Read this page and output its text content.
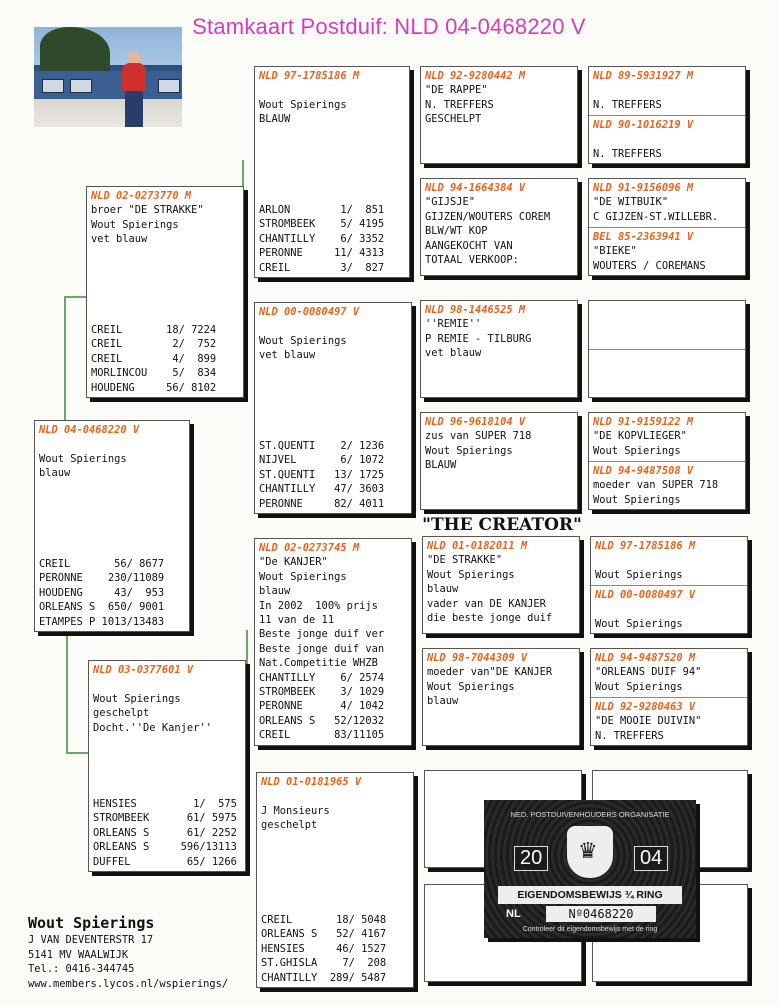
Stamkaart Postduif: NLD 04-0468220 V
NLD 04-0468220 V

Wout Spierings
blauw
CREIL       56/ 8677
PERONNE    230/11089
HOUDENG     43/  953
ORLEANS S  650/ 9001
ETAMPES P 1013/13483
NLD 02-0273770 M
broer "DE STRAKKE"
Wout Spierings
vet blauw
CREIL       18/ 7224
CREIL        2/  752
CREIL        4/  899
MORLINCOU    5/  834
HOUDENG     56/ 8102
NLD 03-0377601 V

Wout Spierings
geschelpt
Docht.''De Kanjer''
HENSIES         1/  575
STROMBEEK      61/ 5975
ORLEANS S      61/ 2252
ORLEANS S     596/13113
DUFFEL         65/ 1266
NLD 97-1785186 M

Wout Spierings
BLAUW
ARLON        1/  851
STROMBEEK    5/ 4195
CHANTILLY    6/ 3352
PERONNE     11/ 4313
CREIL        3/  827
NLD 00-0080497 V

Wout Spierings
vet blauw
ST.QUENTI    2/ 1236
NIJVEL       6/ 1072
ST.QUENTI   13/ 1725
CHANTILLY   47/ 3603
PERONNE     82/ 4011
NLD 02-0273745 M
"De KANJER"
Wout Spierings
blauw
In 2002  100% prijs
11 van de 11
Beste jonge duif ver
Beste jonge duif van
Nat.Competitie WHZB
CHANTILLY    6/ 2574
STROMBEEK    3/ 1029
PERONNE      4/ 1042
ORLEANS S   52/12032
CREIL       83/11105
NLD 01-0181965 V

J Monsieurs
geschelpt
CREIL       18/ 5048
ORLEANS S   52/ 4167
HENSIES     46/ 1527
ST.GHISLA    7/  208
CHANTILLY  289/ 5487
NLD 92-9280442 M
"DE RAPPE"
N. TREFFERS
GESCHELPT
NLD 94-1664384 V
"GIJSJE"
GIJZEN/WOUTERS COREM
BLW/WT KOP
AANGEKOCHT VAN
TOTAAL VERKOOP:
NLD 98-1446525 M
''REMIE''
P REMIE - TILBURG
vet blauw
NLD 96-9618104 V
zus van SUPER 718
Wout Spierings
BLAUW
NLD 01-0182011 M
"DE STRAKKE"
Wout Spierings
blauw
vader van DE KANJER
die beste jonge duif
NLD 98-7044309 V
moeder van"DE KANJER
Wout Spierings
blauw
NLD 89-5931927 M

N. TREFFERS
NLD 90-1016219 V

N. TREFFERS
NLD 91-9156096 M
"DE WITBUIK"
C GIJZEN-ST.WILLEBR.
BEL 85-2363941 V
"BIEKE"
WOUTERS / COREMANS
NLD 91-9159122 M
"DE KOPVLIEGER"
Wout Spierings
NLD 94-9487508 V
moeder van SUPER 718
Wout Spierings
NLD 97-1785186 M

Wout Spierings
NLD 00-0080497 V

Wout Spierings
NLD 94-9487520 M
"ORLEANS DUIF 94"
Wout Spierings
NLD 92-9280463 V
"DE MOOIE DUIVIN"
N. TREFFERS
"THE CREATOR"
NED. POSTDUIVENHOUDERS ORGANISATIE
20 ♛	04
EIGENDOMSBEWIJS ¾ RING
NL	Nº0468220
Controleer dit eigendomsbewijs met de ring
Wout Spierings
J VAN DEVENTERSTR 17
5141 MV WAALWIJK
Tel.: 0416-344745
www.members.lycos.nl/wspierings/
